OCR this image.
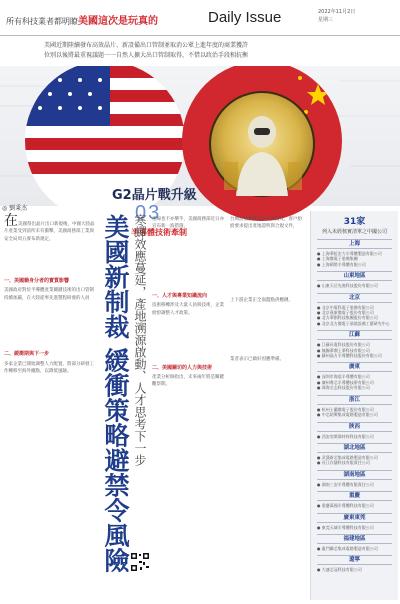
所有科技業者都明瞭美國這次是玩真的	Daily Issue	2022年11月2日
星期三
美國近期陸續發布高效晶片、新設備出口管制並取消公眾上進年度的商業獲許
位別以後將最重視議題一一自然人擴大出口管制取得，不惜以政治手段相抗衡
G2晶片戰升級
03
半導體技術牽制
◎ 劉秉杰

在美國祭出晶片出口新規後，中國大陸晶片產業受到前所未有衝擊，美國商務部工業與安全局周五發布新規定，

一、美國籍身分者的實質影響

美國政府對於半導體產業關鍵技術的出口管制持續加嚴，在大陸從事先進製程研發的人員

二、緩衝期與下一步

多家企業已開始調整人力配置，將部分研發工作轉移至海外據點，以降低風險。	美國新制裁 緩衝策略避禁令風險 寒蟬效應蔓延，產地溯源啟動、人才思考下一步	產線也不亦樂乎，美國商務部近日亦宣布新一波措施，

一、人才與專業知識流向

技術移轉涉及大量人員與技術，企業紛紛調整人才政策。

二、美國關切的人力與技術

產業分析師指出，未來兩年將是關鍵觀察期。

台灣設備供應商也受到波及，客戶紛紛要求提出產地證明與合規文件，

上下游企業正全面盤點供應鏈，

業者表示已做好因應準備。

31家
列入未經核實清單之中國公司
上海
● 上海華虹宏力半導體製造有限公司
● 上海微電子裝備集團
● 上海積塔半導體有限公司
山東地區
● 山東天岳先進科技股份有限公司
北京
● 北京中電科電子裝備有限公司
● 北京燕東微電子股份有限公司
● 北方華創科技集團股份有限公司
● 北京北方微電子基地設備工藝研究中心
江蘇
● 江蘇長電科技股份有限公司
● 無錫華潤上華科技有限公司
● 蘇州晶方半導體科技股份有限公司
廣東
● 深圳市海思半導體有限公司
● 廣州粵芯半導體技術有限公司
● 珠海全志科技股份有限公司
浙江
● 杭州士蘭微電子股份有限公司
● 中芯紹興集成電路製造有限公司
陝西
● 西安奕斯偉材料科技有限公司
湖北地區
● 武漢新芯集成電路製造有限公司
● 長江存儲科技有限責任公司
湖南地區
● 湖南三安半導體有限責任公司
重慶
● 重慶萬國半導體科技有限公司
廣東東莞
● 東莞天域半導體科技有限公司
福建地區
● 廈門聯芯集成電路製造有限公司
遼寧
● 大連芯冠科技有限公司
